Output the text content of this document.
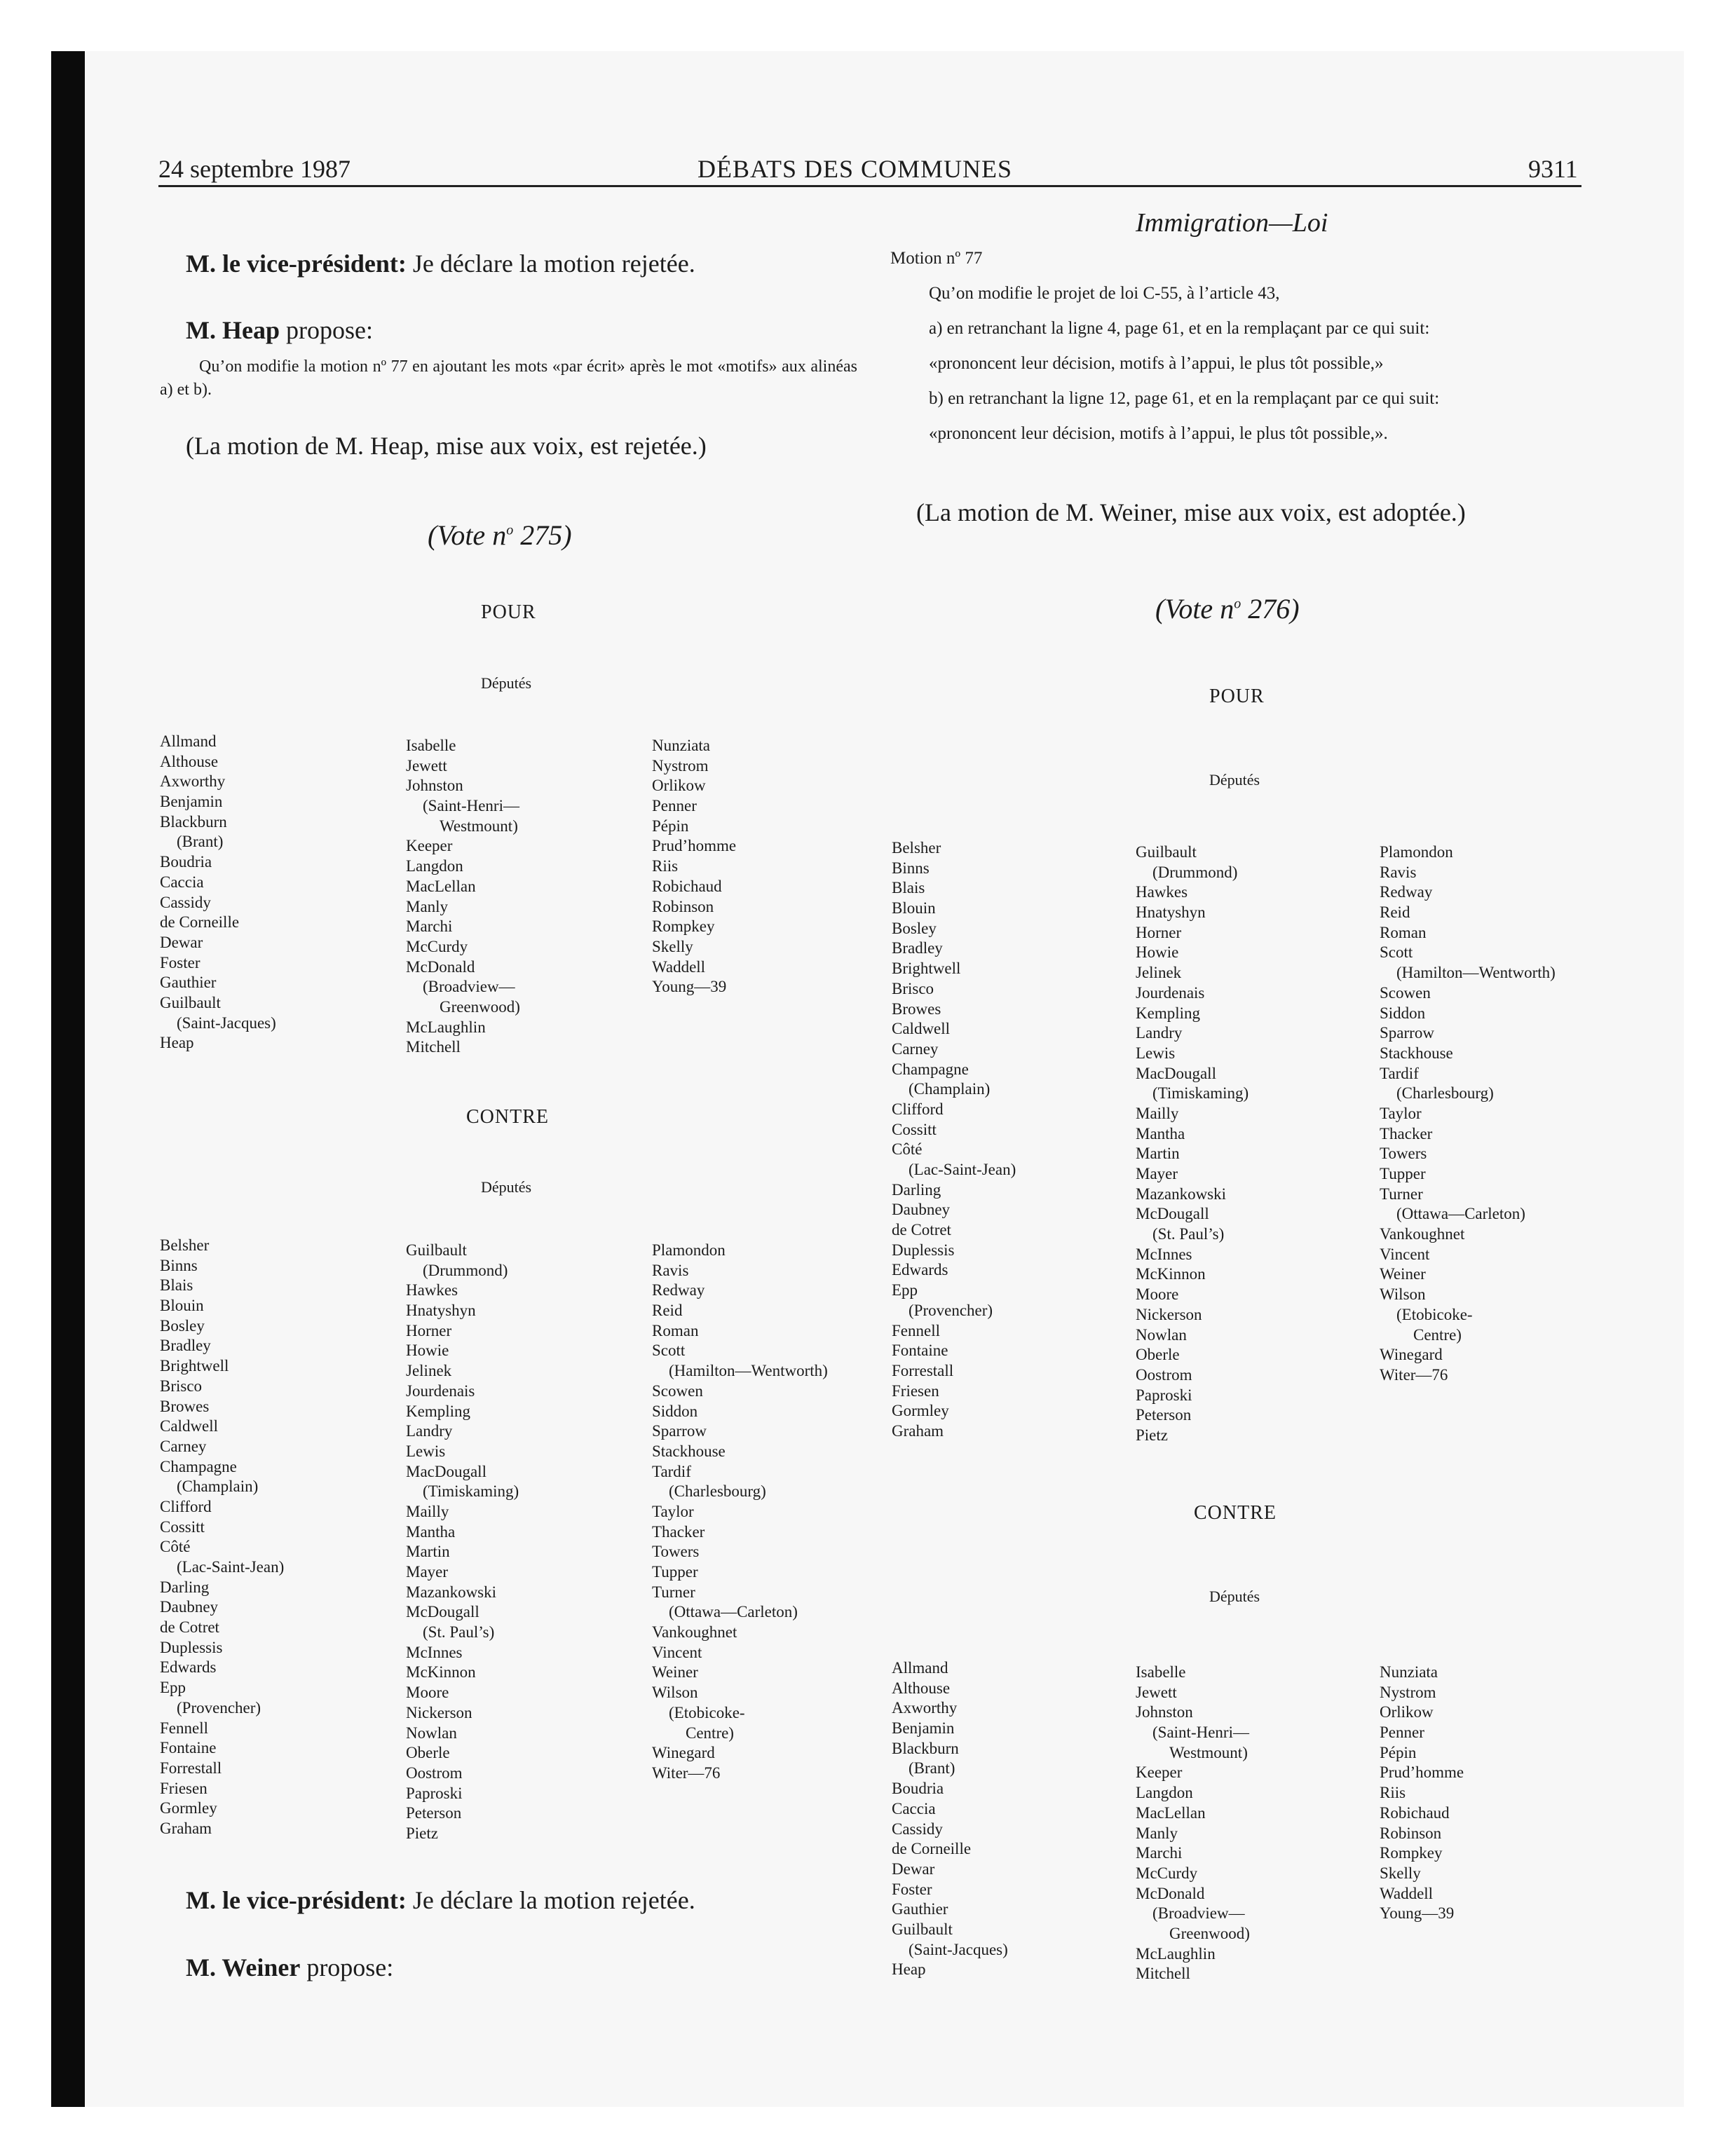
24 septembre 1987	DÉBATS DES COMMUNES	9311
Immigration—Loi
M. le vice-président: Je déclare la motion rejetée.
M. Heap propose:
Qu’on modifie la motion nº 77 en ajoutant les mots «par écrit» après le mot «motifs» aux alinéas a) et b).
(La motion de M. Heap, mise aux voix, est rejetée.)
(Vote $n^o$ 275)
POUR
Députés
Allmand
Althouse
Axworthy
Benjamin
Blackburn
(Brant)
Boudria
Caccia
Cassidy
de Corneille
Dewar
Foster
Gauthier
Guilbault
(Saint-Jacques)
Heap
Isabelle
Jewett
Johnston
(Saint-Henri—
Westmount)
Keeper
Langdon
MacLellan
Manly
Marchi
McCurdy
McDonald
(Broadview—
Greenwood)
McLaughlin
Mitchell
Nunziata
Nystrom
Orlikow
Penner
Pépin
Prud’homme
Riis
Robichaud
Robinson
Rompkey
Skelly
Waddell
Young—39
CONTRE
Députés
Belsher
Binns
Blais
Blouin
Bosley
Bradley
Brightwell
Brisco
Browes
Caldwell
Carney
Champagne
(Champlain)
Clifford
Cossitt
Côté
(Lac-Saint-Jean)
Darling
Daubney
de Cotret
Duplessis
Edwards
Epp
(Provencher)
Fennell
Fontaine
Forrestall
Friesen
Gormley
Graham
Guilbault
(Drummond)
Hawkes
Hnatyshyn
Horner
Howie
Jelinek
Jourdenais
Kempling
Landry
Lewis
MacDougall
(Timiskaming)
Mailly
Mantha
Martin
Mayer
Mazankowski
McDougall
(St. Paul’s)
McInnes
McKinnon
Moore
Nickerson
Nowlan
Oberle
Oostrom
Paproski
Peterson
Pietz
Plamondon
Ravis
Redway
Reid
Roman
Scott
(Hamilton—Wentworth)
Scowen
Siddon
Sparrow
Stackhouse
Tardif
(Charlesbourg)
Taylor
Thacker
Towers
Tupper
Turner
(Ottawa—Carleton)
Vankoughnet
Vincent
Weiner
Wilson
(Etobicoke-
Centre)
Winegard
Witer—76
M. le vice-président: Je déclare la motion rejetée.
M. Weiner propose:
Motion nº 77
Qu’on modifie le projet de loi C-55, à l’article 43,
a) en retranchant la ligne 4, page 61, et en la remplaçant par ce qui suit:
«prononcent leur décision, motifs à l’appui, le plus tôt possible,»
b) en retranchant la ligne 12, page 61, et en la remplaçant par ce qui suit:
«prononcent leur décision, motifs à l’appui, le plus tôt possible,».
(La motion de M. Weiner, mise aux voix, est adoptée.)
(Vote $n^o$ 276)
POUR
Députés
Belsher
Binns
Blais
Blouin
Bosley
Bradley
Brightwell
Brisco
Browes
Caldwell
Carney
Champagne
(Champlain)
Clifford
Cossitt
Côté
(Lac-Saint-Jean)
Darling
Daubney
de Cotret
Duplessis
Edwards
Epp
(Provencher)
Fennell
Fontaine
Forrestall
Friesen
Gormley
Graham
Guilbault
(Drummond)
Hawkes
Hnatyshyn
Horner
Howie
Jelinek
Jourdenais
Kempling
Landry
Lewis
MacDougall
(Timiskaming)
Mailly
Mantha
Martin
Mayer
Mazankowski
McDougall
(St. Paul’s)
McInnes
McKinnon
Moore
Nickerson
Nowlan
Oberle
Oostrom
Paproski
Peterson
Pietz
Plamondon
Ravis
Redway
Reid
Roman
Scott
(Hamilton—Wentworth)
Scowen
Siddon
Sparrow
Stackhouse
Tardif
(Charlesbourg)
Taylor
Thacker
Towers
Tupper
Turner
(Ottawa—Carleton)
Vankoughnet
Vincent
Weiner
Wilson
(Etobicoke-
Centre)
Winegard
Witer—76
CONTRE
Députés
Allmand
Althouse
Axworthy
Benjamin
Blackburn
(Brant)
Boudria
Caccia
Cassidy
de Corneille
Dewar
Foster
Gauthier
Guilbault
(Saint-Jacques)
Heap
Isabelle
Jewett
Johnston
(Saint-Henri—
Westmount)
Keeper
Langdon
MacLellan
Manly
Marchi
McCurdy
McDonald
(Broadview—
Greenwood)
McLaughlin
Mitchell
Nunziata
Nystrom
Orlikow
Penner
Pépin
Prud’homme
Riis
Robichaud
Robinson
Rompkey
Skelly
Waddell
Young—39
